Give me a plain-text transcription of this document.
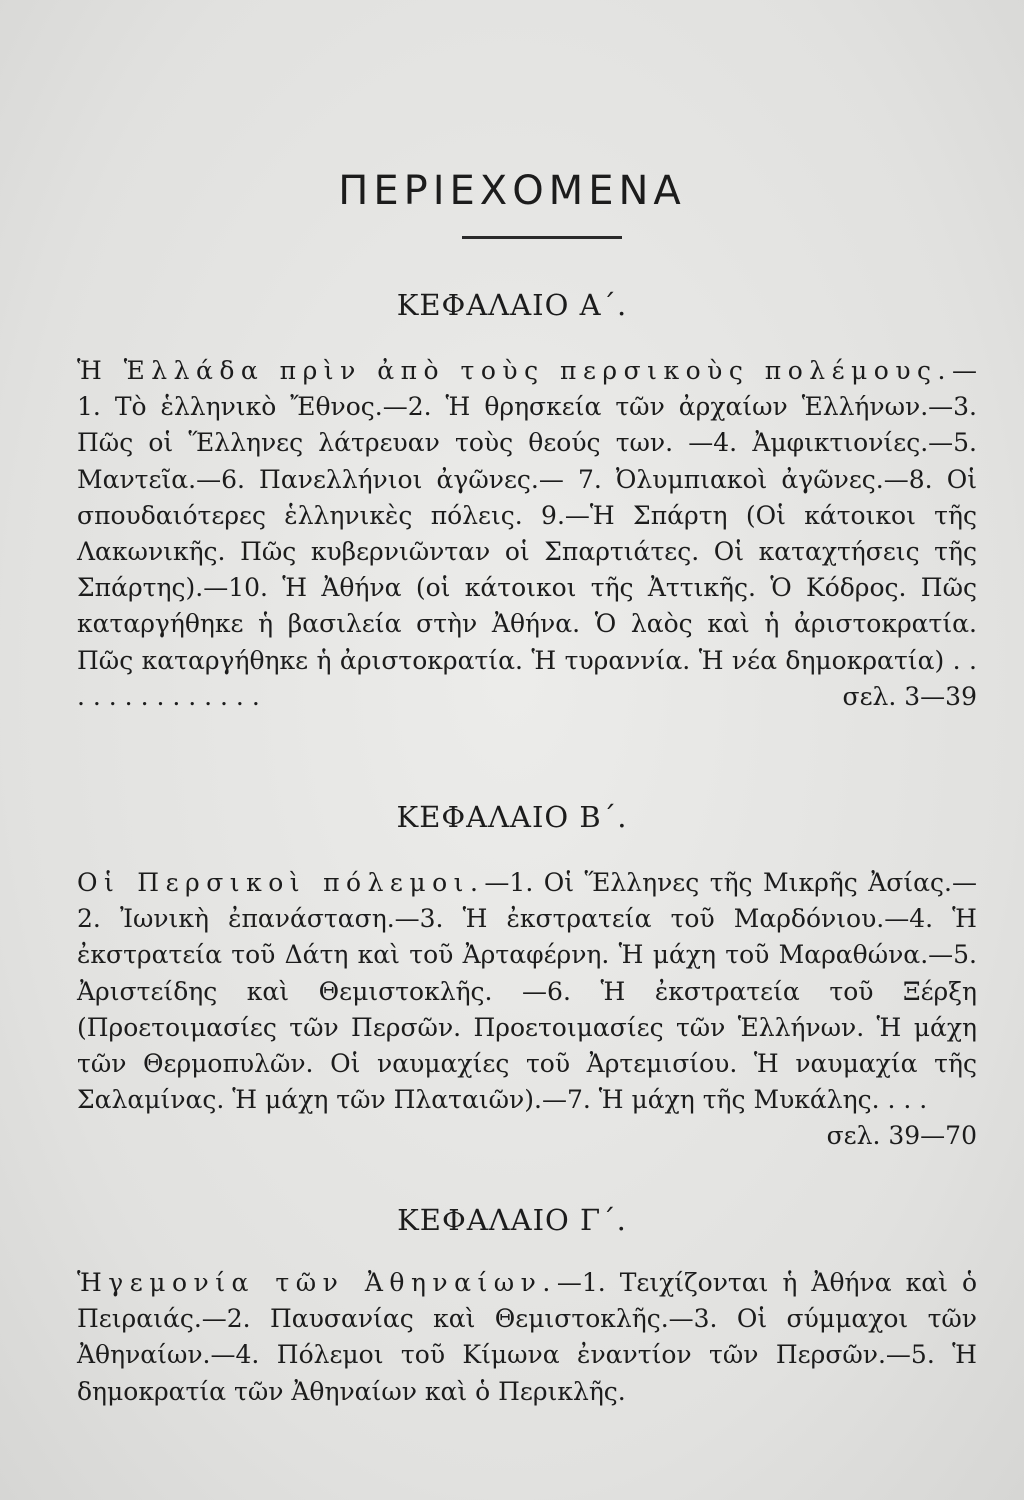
ΠΕΡΙΕΧΟΜΕΝΑ
ΚΕΦΑΛΑΙΟ Α΄.
Ἡ Ἑλλάδα πρὶν ἀπὸ τοὺς περσικοὺς πολέμους.—1. Τὸ ἑλληνικὸ Ἔθνος.—2. Ἡ θρησκεία τῶν ἀρχαίων Ἑλλήνων.—3. Πῶς οἱ Ἕλληνες λάτρευαν τοὺς θεούς των. —4. Ἀμφικτιονίες.—5. Μαντεῖα.—6. Πανελλήνιοι ἀγῶνες.— 7. Ὀλυμπιακοὶ ἀγῶνες.—8. Οἱ σπουδαιότερες ἑλληνικὲς πόλεις. 9.—Ἡ Σπάρτη (Οἱ κάτοικοι τῆς Λακωνικῆς. Πῶς κυβερνιῶνταν οἱ Σπαρτιάτες. Οἱ καταχτήσεις τῆς Σπάρτης).—10. Ἡ Ἀθήνα (οἱ κάτοικοι τῆς Ἀττικῆς. Ὁ Κόδρος. Πῶς καταργήθηκε ἡ βασιλεία στὴν Ἀθήνα. Ὁ λαὸς καὶ ἡ ἀριστοκρατία. Πῶς καταργήθηκε ἡ ἀριστοκρατία. Ἡ τυραννία. Ἡ νέα δημοκρατία) . . . . . . . . . . . . . .	σελ. 3—39
ΚΕΦΑΛΑΙΟ Β΄.
Οἱ Περσικοὶ πόλεμοι.—1. Οἱ Ἕλληνες τῆς Μικρῆς Ἀσίας.—2. Ἰωνικὴ ἐπανάσταση.—3. Ἡ ἐκστρατεία τοῦ Μαρδόνιου.—4. Ἡ ἐκστρατεία τοῦ Δάτη καὶ τοῦ Ἀρταφέρνη. Ἡ μάχη τοῦ Μαραθώνα.—5. Ἀριστείδης καὶ Θεμιστοκλῆς. —6. Ἡ ἐκστρατεία τοῦ Ξέρξη (Προετοιμασίες τῶν Περσῶν. Προετοιμασίες τῶν Ἑλλήνων. Ἡ μάχη τῶν Θερμοπυλῶν. Οἱ ναυμαχίες τοῦ Ἀρτεμισίου. Ἡ ναυμαχία τῆς Σαλαμίνας. Ἡ μάχη τῶν Πλαταιῶν).—7. Ἡ μάχη τῆς Μυκάλης. . . .
σελ. 39—70
ΚΕΦΑΛΑΙΟ Γ΄.
Ἡγεμονία τῶν Ἀθηναίων.—1. Τειχίζονται ἡ Ἀθήνα καὶ ὁ Πειραιάς.—2. Παυσανίας καὶ Θεμιστοκλῆς.—3. Οἱ σύμμαχοι τῶν Ἀθηναίων.—4. Πόλεμοι τοῦ Κίμωνα ἐναντίον τῶν Περσῶν.—5. Ἡ δημοκρατία τῶν Ἀθηναίων καὶ ὁ Περικλῆς.
